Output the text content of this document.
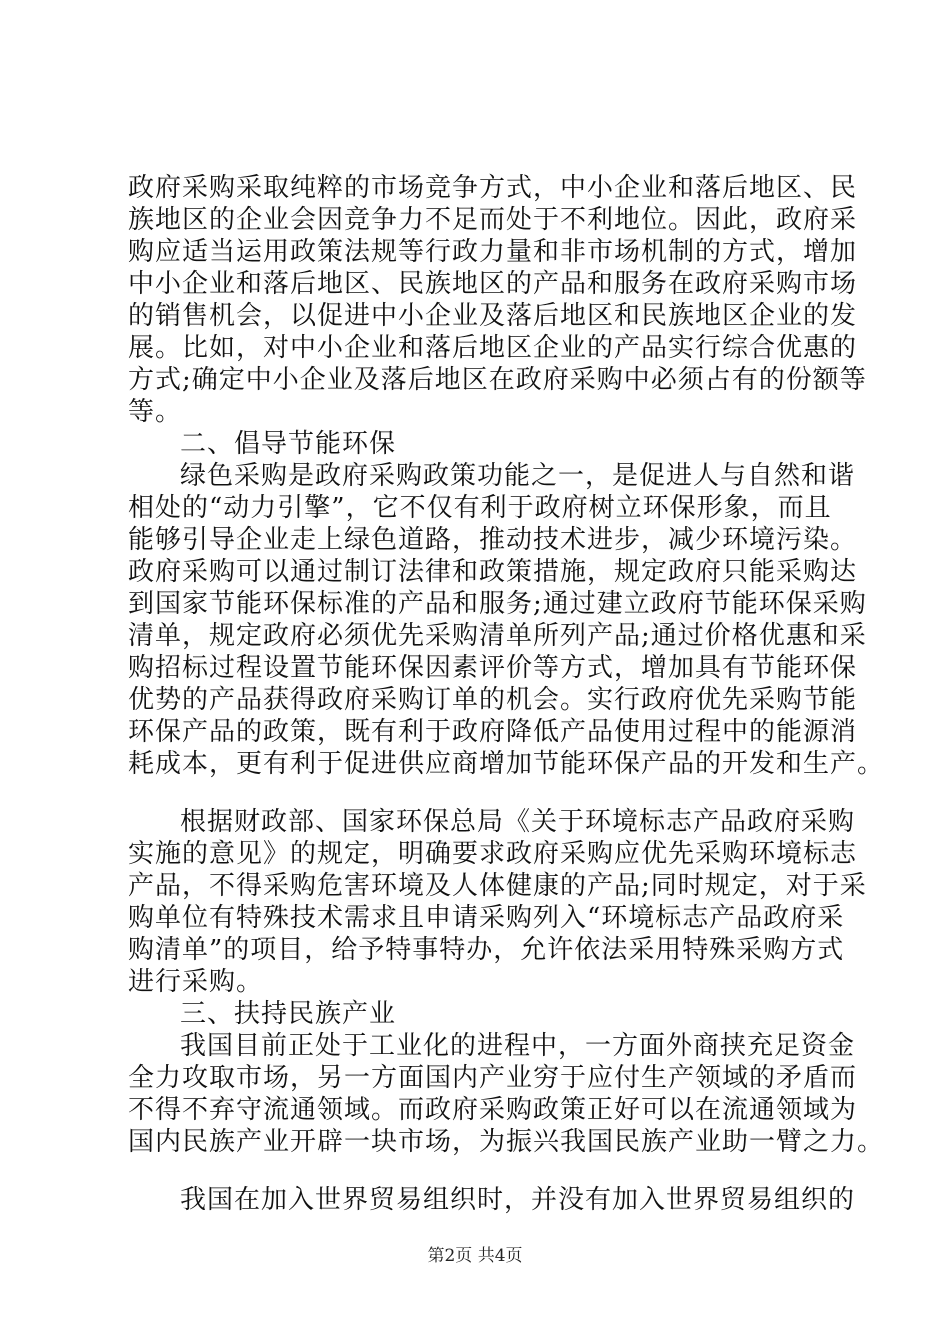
政府采购采取纯粹的市场竞争方式，中小企业和落后地区、民
族地区的企业会因竞争力不足而处于不利地位。因此，政府采
购应适当运用政策法规等行政力量和非市场机制的方式，增加
中小企业和落后地区、民族地区的产品和服务在政府采购市场
的销售机会，以促进中小企业及落后地区和民族地区企业的发
展。比如，对中小企业和落后地区企业的产品实行综合优惠的
方式;确定中小企业及落后地区在政府采购中必须占有的份额等
等。
二、倡导节能环保
绿色采购是政府采购政策功能之一，是促进人与自然和谐
相处的“动力引擎”，它不仅有利于政府树立环保形象，而且
能够引导企业走上绿色道路，推动技术进步，减少环境污染。
政府采购可以通过制订法律和政策措施，规定政府只能采购达
到国家节能环保标准的产品和服务;通过建立政府节能环保采购
清单，规定政府必须优先采购清单所列产品;通过价格优惠和采
购招标过程设置节能环保因素评价等方式，增加具有节能环保
优势的产品获得政府采购订单的机会。实行政府优先采购节能
环保产品的政策，既有利于政府降低产品使用过程中的能源消
耗成本，更有利于促进供应商增加节能环保产品的开发和生产。
根据财政部、国家环保总局《关于环境标志产品政府采购
实施的意见》的规定，明确要求政府采购应优先采购环境标志
产品，不得采购危害环境及人体健康的产品;同时规定，对于采
购单位有特殊技术需求且申请采购列入“环境标志产品政府采
购清单”的项目，给予特事特办，允许依法采用特殊采购方式
进行采购。
三、扶持民族产业
我国目前正处于工业化的进程中，一方面外商挟充足资金
全力攻取市场，另一方面国内产业穷于应付生产领域的矛盾而
不得不弃守流通领域。而政府采购政策正好可以在流通领域为
国内民族产业开辟一块市场，为振兴我国民族产业助一臂之力。
我国在加入世界贸易组织时，并没有加入世界贸易组织的
第2页 共4页
